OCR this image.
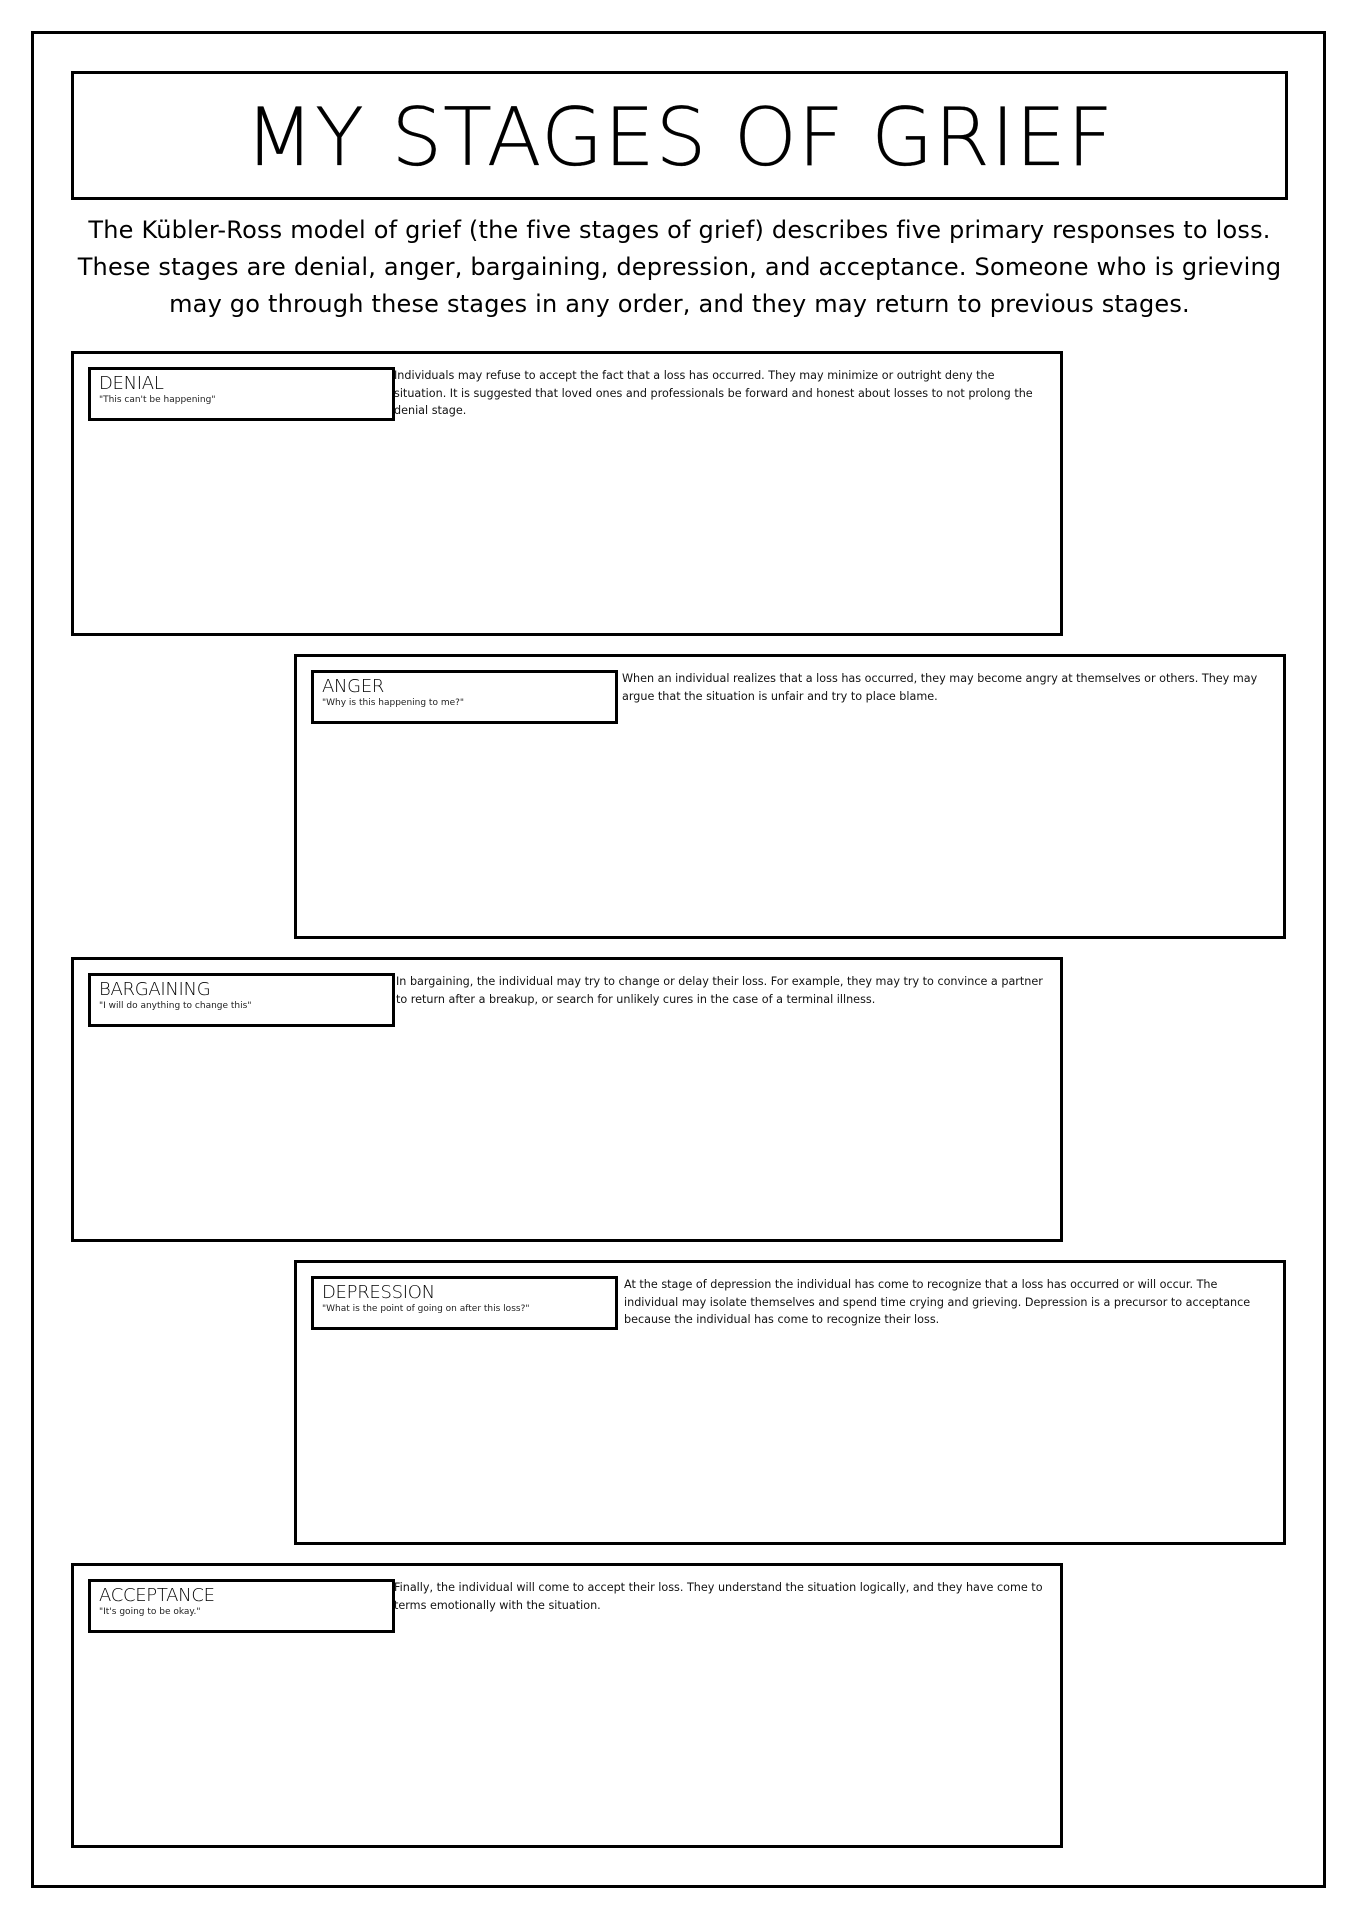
MY STAGES OF GRIEF
The Kübler-Ross model of grief (the five stages of grief) describes five primary responses to loss. These stages are denial, anger, bargaining, depression, and acceptance. Someone who is grieving may go through these stages in any order, and they may return to previous stages.
DENIAL
"This can't be happening"
Individuals may refuse to accept the fact that a loss has occurred. They may minimize or outright deny the situation. It is suggested that loved ones and professionals be forward and honest about losses to not prolong the denial stage.
ANGER
"Why is this happening to me?"
When an individual realizes that a loss has occurred, they may become angry at themselves or others. They may argue that the situation is unfair and try to place blame.
BARGAINING
"I will do anything to change this"
In bargaining, the individual may try to change or delay their loss. For example, they may try to convince a partner to return after a breakup, or search for unlikely cures in the case of a terminal illness.
DEPRESSION
"What is the point of going on after this loss?"
At the stage of depression the individual has come to recognize that a loss has occurred or will occur. The individual may isolate themselves and spend time crying and grieving. Depression is a precursor to acceptance because the individual has come to recognize their loss.
ACCEPTANCE
"It's going to be okay."
Finally, the individual will come to accept their loss. They understand the situation logically, and they have come to terms emotionally with the situation.
